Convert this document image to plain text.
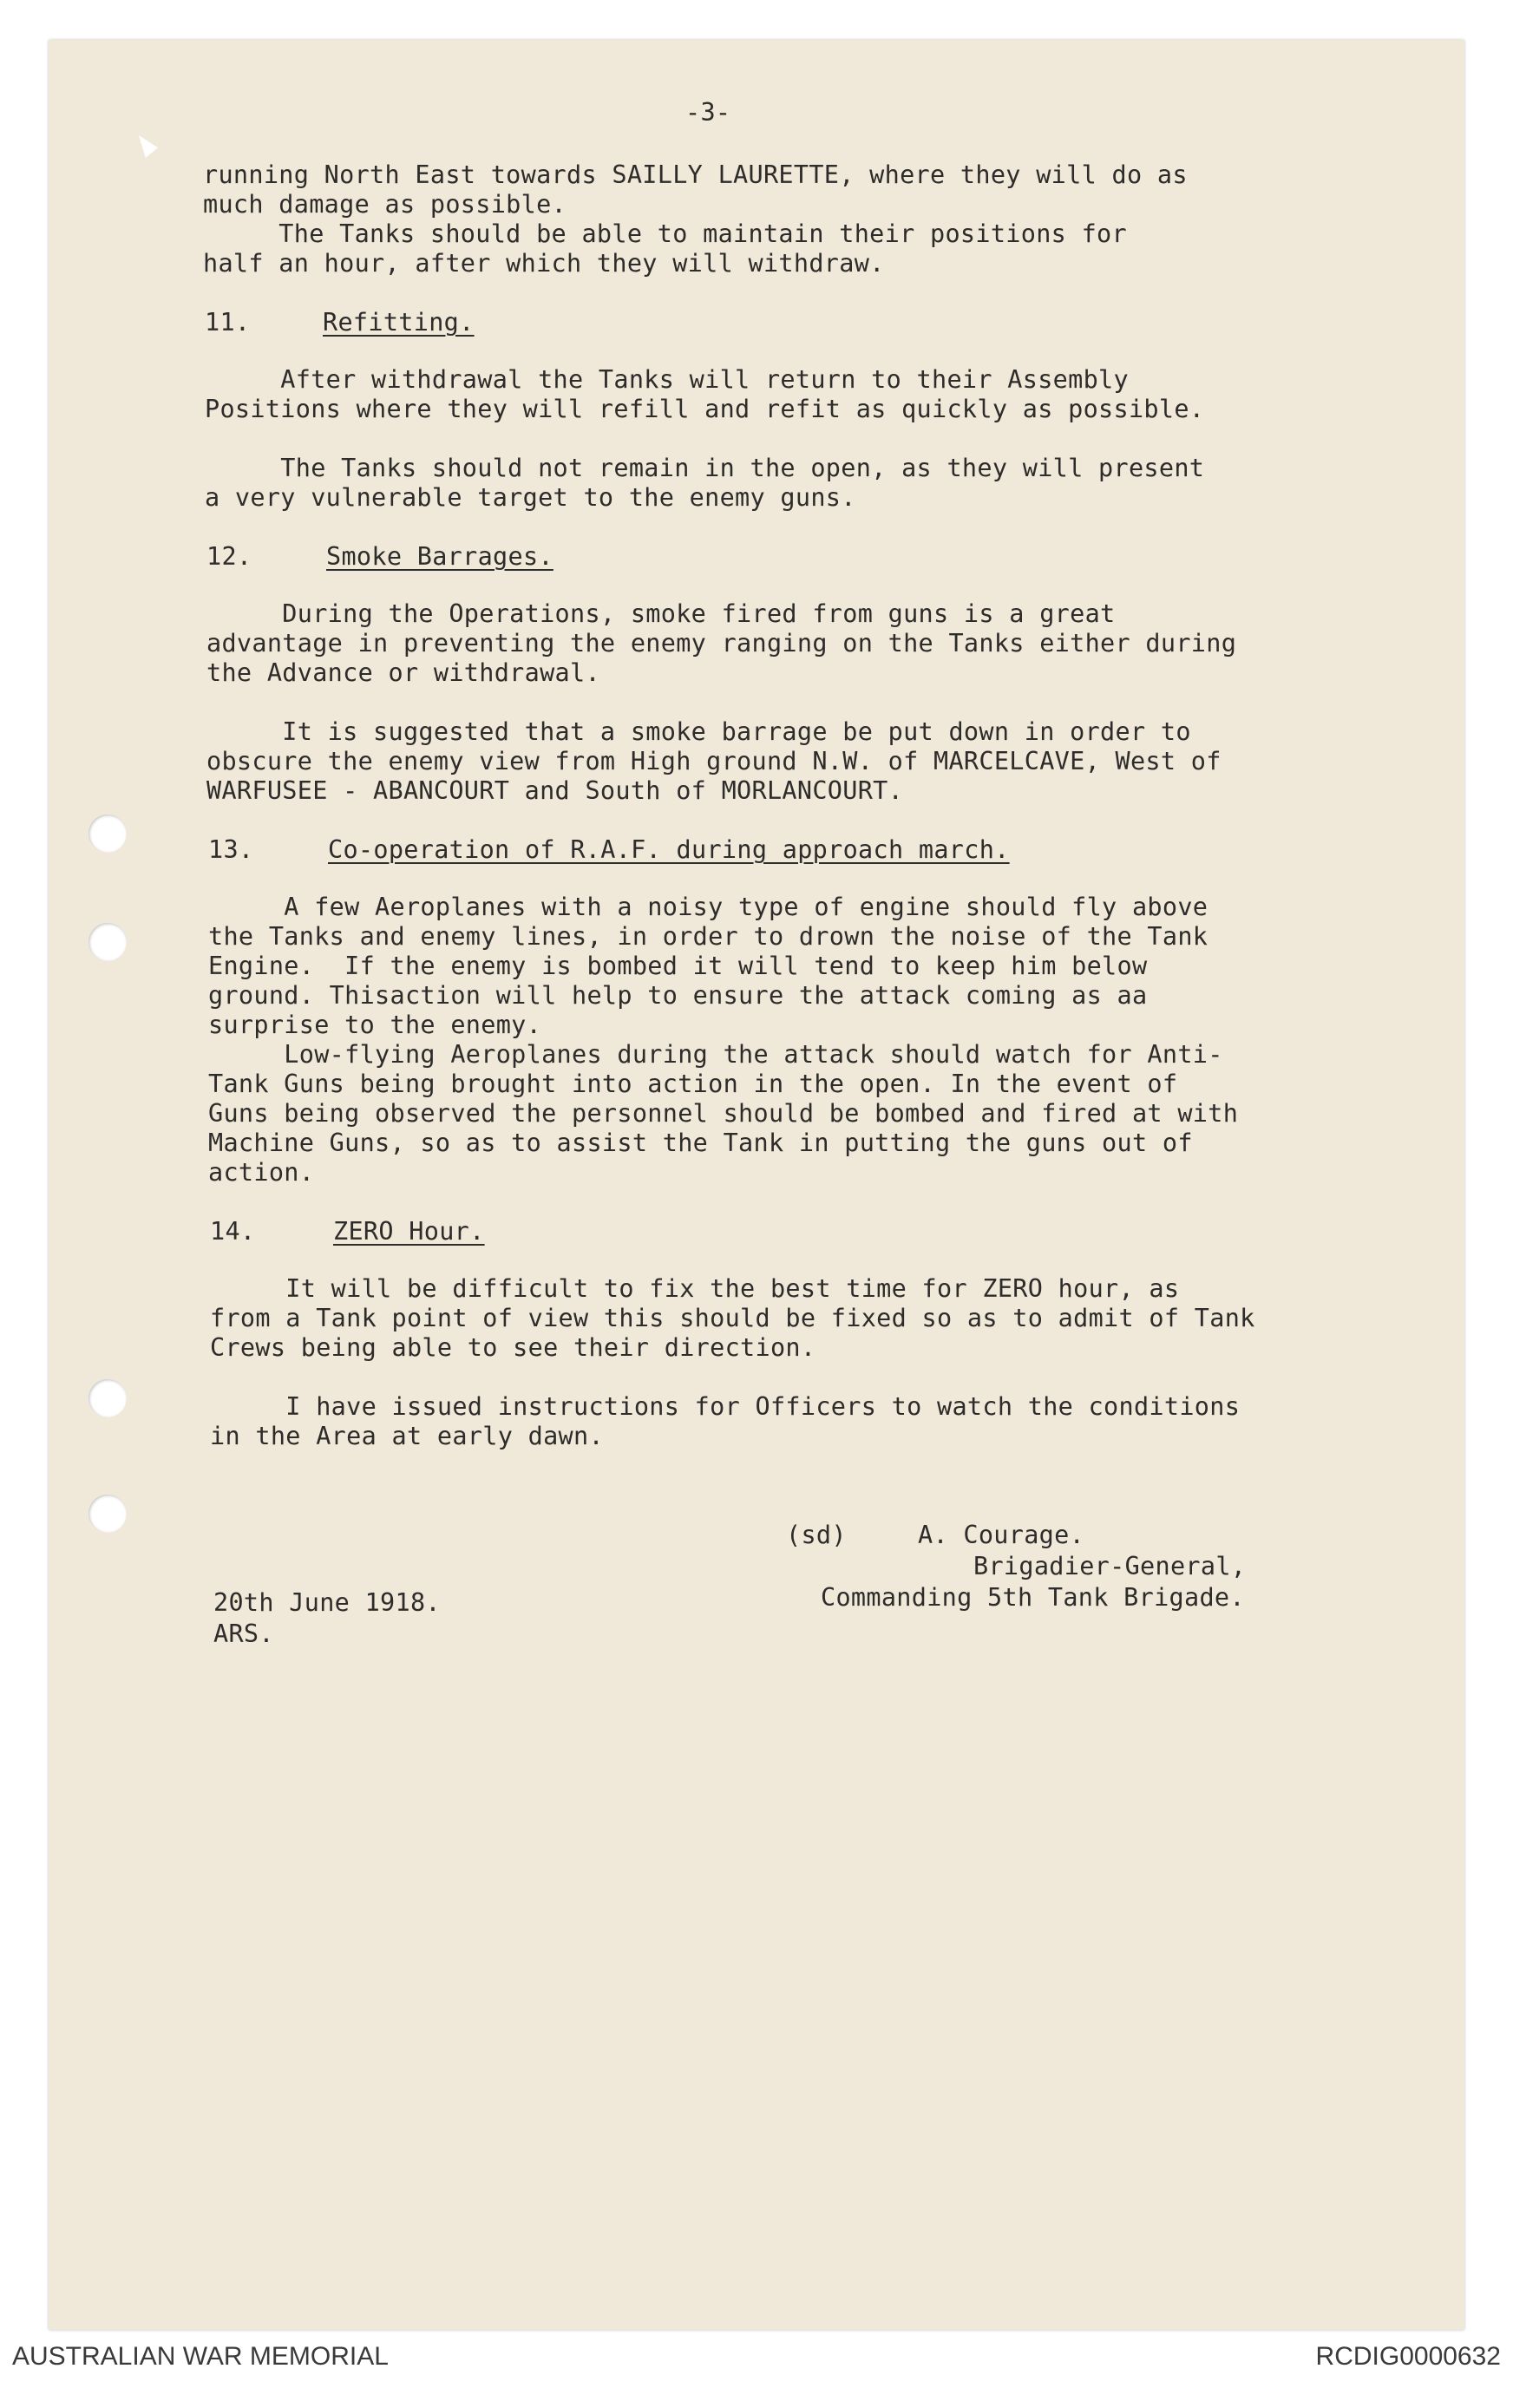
-3-
running North East towards SAILLY LAURETTE, where they will do as
much damage as possible.
The Tanks should be able to maintain their positions for
half an hour, after which they will withdraw.
11.	Refitting.
After withdrawal the Tanks will return to their Assembly
Positions where they will refill and refit as quickly as possible.
The Tanks should not remain in the open, as they will present
a very vulnerable target to the enemy guns.
12.	Smoke Barrages.
During the Operations, smoke fired from guns is a great
advantage in preventing the enemy ranging on the Tanks either during
the Advance or withdrawal.
It is suggested that a smoke barrage be put down in order to
obscure the enemy view from High ground N.W. of MARCELCAVE, West of
WARFUSEE - ABANCOURT and South of MORLANCOURT.
13.	Co-operation of R.A.F. during approach march.
A few Aeroplanes with a noisy type of engine should fly above
the Tanks and enemy lines, in order to drown the noise of the Tank
Engine.  If the enemy is bombed it will tend to keep him below
ground. Thisaction will help to ensure the attack coming as aa
surprise to the enemy.
Low-flying Aeroplanes during the attack should watch for Anti-
Tank Guns being brought into action in the open. In the event of
Guns being observed the personnel should be bombed and fired at with
Machine Guns, so as to assist the Tank in putting the guns out of
action.
14.	ZERO Hour.
It will be difficult to fix the best time for ZERO hour, as
from a Tank point of view this should be fixed so as to admit of Tank
Crews being able to see their direction.
I have issued instructions for Officers to watch the conditions
in the Area at early dawn.
(sd)	A. Courage.
Brigadier-General,
Commanding 5th Tank Brigade.
20th June 1918.
ARS.
AUSTRALIAN WAR MEMORIAL	RCDIG0000632
